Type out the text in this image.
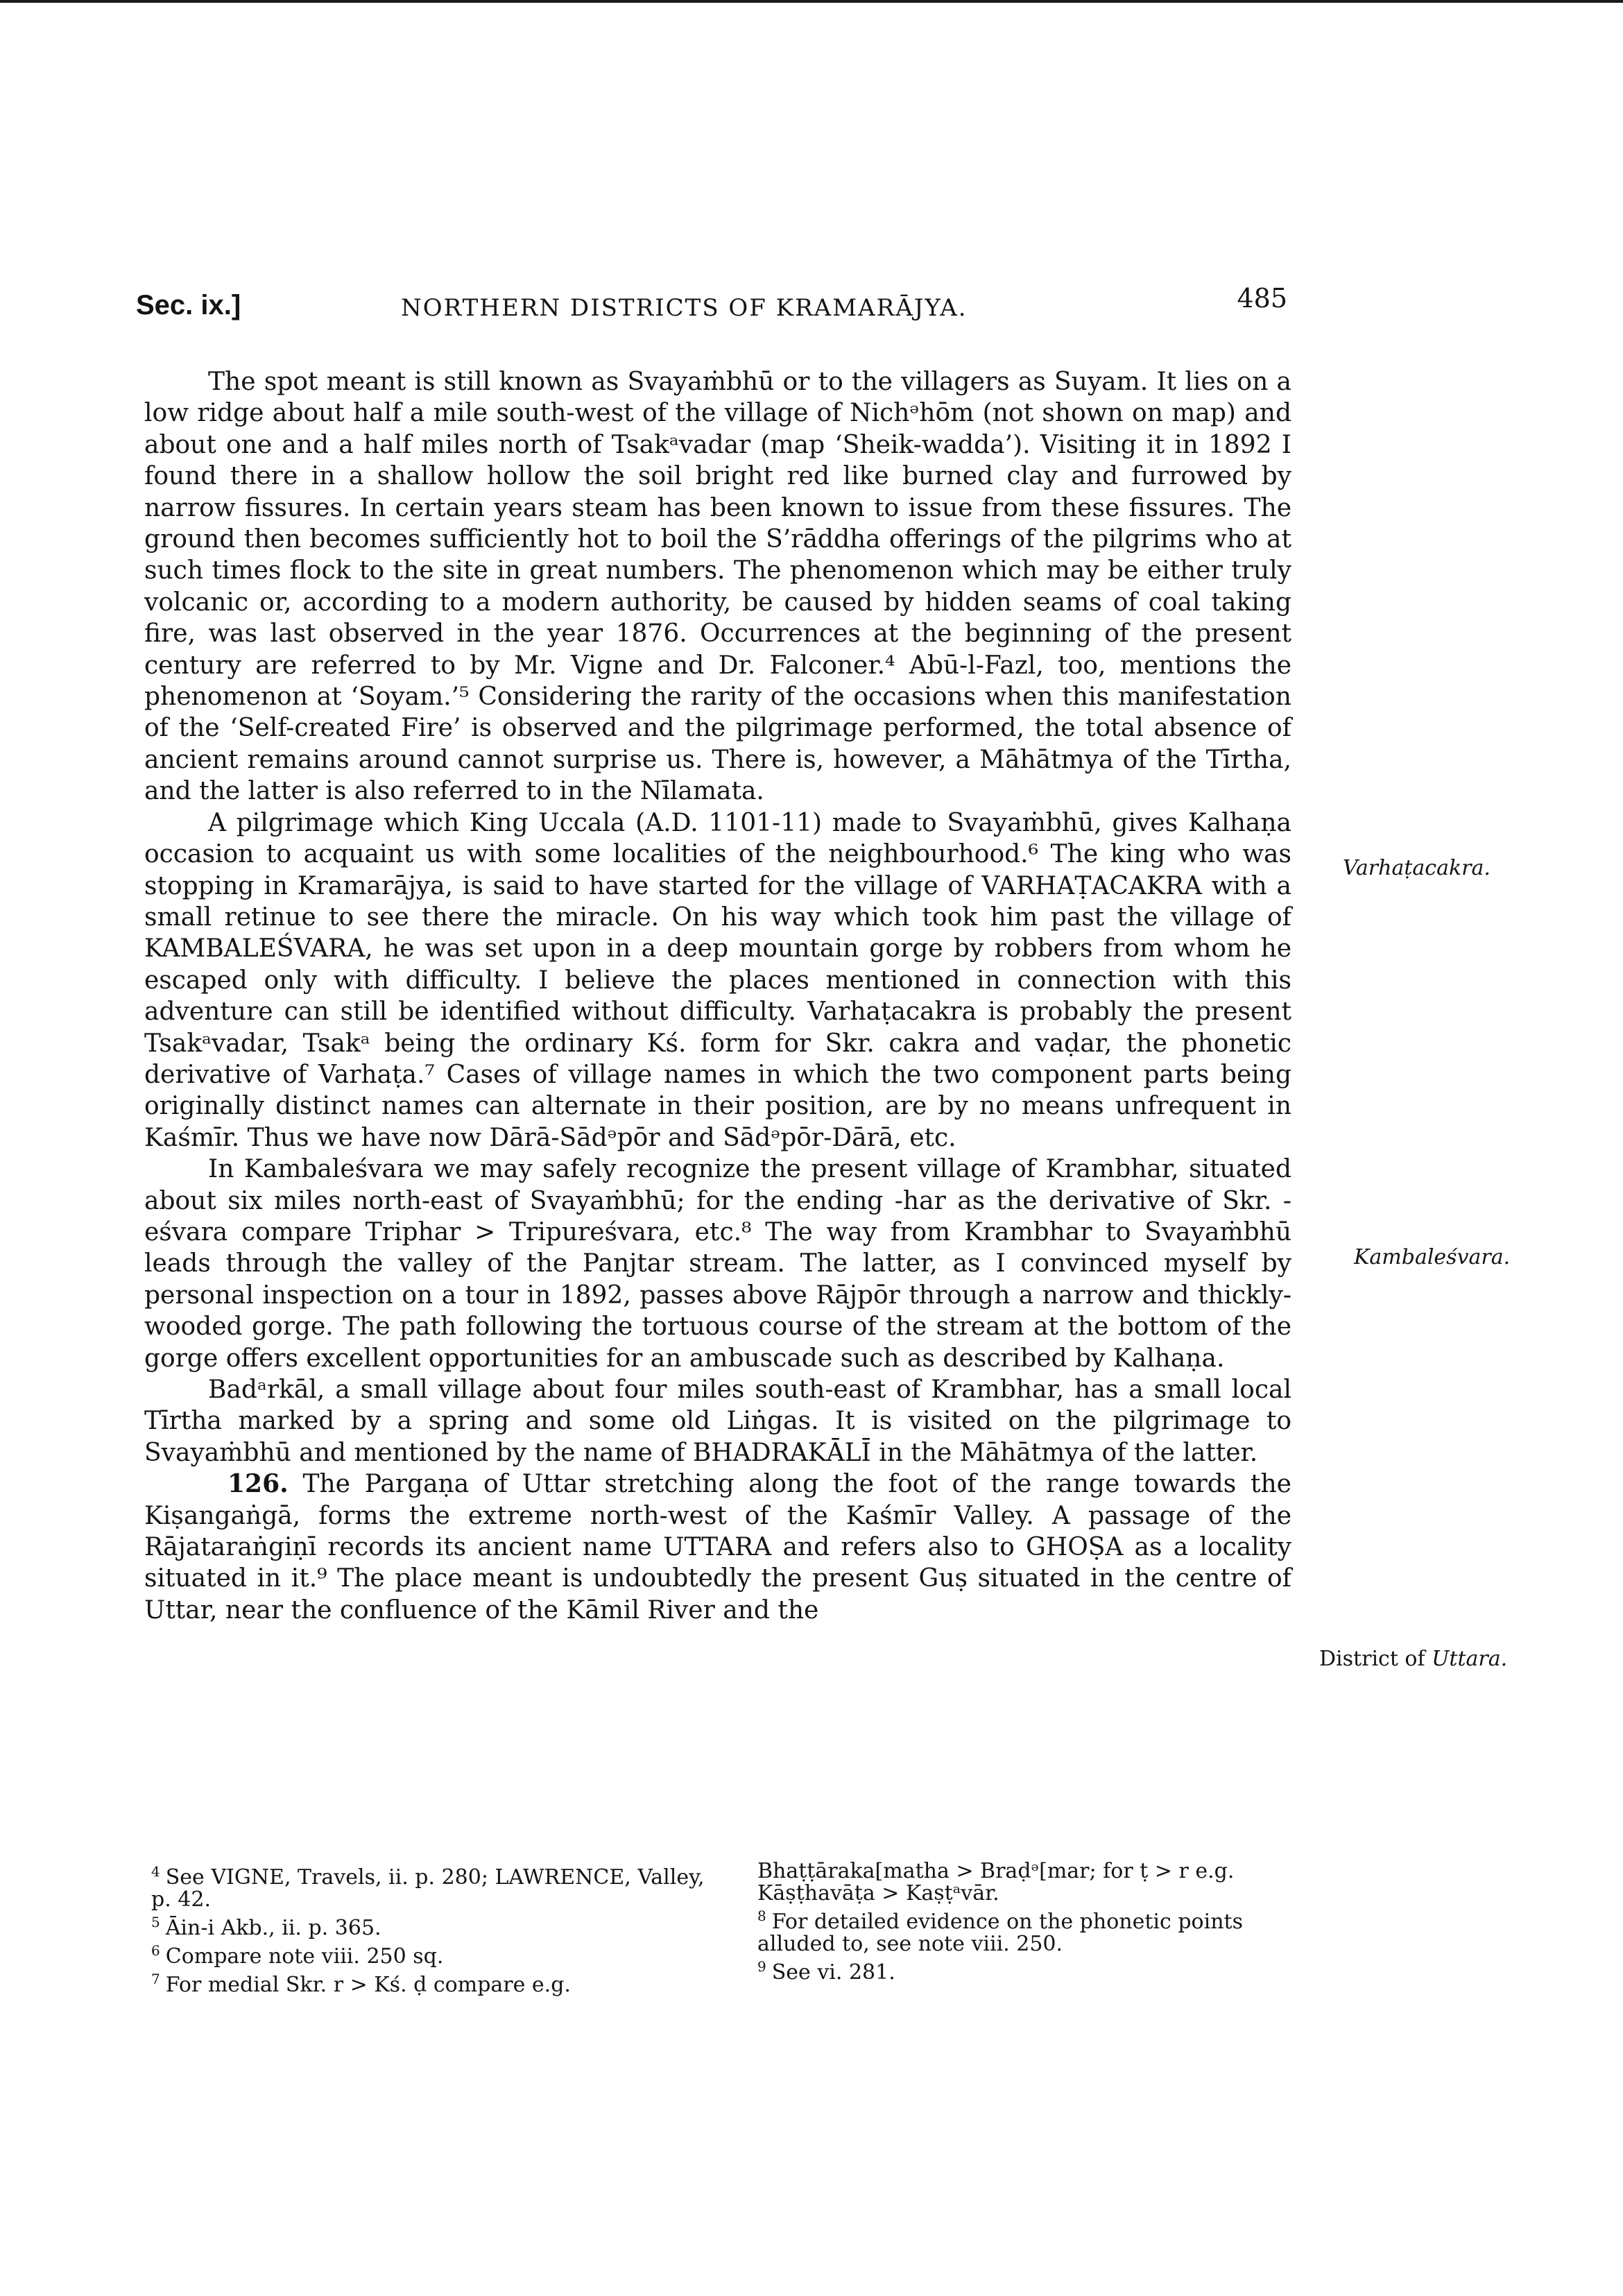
Sec. ix.]	NORTHERN DISTRICTS OF KRAMARĀJYA.	485

The spot meant is still known as Svayaṁbhū or to the villagers as Suyam. It lies on a low ridge about half a mile south-west of the village of Nichᵊhōm (not shown on map) and about one and a half miles north of Tsakᵃvadar (map ‘Sheik-wadda’). Visiting it in 1892 I found there in a shallow hollow the soil bright red like burned clay and furrowed by narrow fissures. In certain years steam has been known to issue from these fissures. The ground then becomes sufficiently hot to boil the S’rāddha offerings of the pilgrims who at such times flock to the site in great numbers. The phenomenon which may be either truly volcanic or, according to a modern authority, be caused by hidden seams of coal taking fire, was last observed in the year 1876. Occurrences at the beginning of the present century are referred to by Mr. Vigne and Dr. Falconer.⁴ Abū-l-Fazl, too, mentions the phenomenon at ‘Soyam.’⁵ Considering the rarity of the occasions when this manifestation of the ‘Self-created Fire’ is observed and the pilgrimage performed, the total absence of ancient remains around cannot surprise us. There is, however, a Māhātmya of the Tīrtha, and the latter is also referred to in the Nīlamata.

A pilgrimage which King Uccala (A.D. 1101-11) made to Svayaṁbhū, gives Kalhaṇa occasion to acquaint us with some localities of the neighbourhood.⁶ The king who was stopping in Kramarājya, is said to have started for the village of VARHAṬACAKRA with a small retinue to see there the miracle. On his way which took him past the village of KAMBALEŚVARA, he was set upon in a deep mountain gorge by robbers from whom he escaped only with difficulty. I believe the places mentioned in connection with this adventure can still be identified without difficulty. Varhaṭacakra is probably the present Tsakᵃvadar, Tsakᵃ being the ordinary Kś. form for Skr. cakra and vaḍar, the phonetic derivative of Varhaṭa.⁷ Cases of village names in which the two component parts being originally distinct names can alternate in their position, are by no means unfrequent in Kaśmīr. Thus we have now Dārā-Sādᵊpōr and Sādᵊpōr-Dārā, etc.

In Kambaleśvara we may safely recognize the present village of Krambhar, situated about six miles north-east of Svayaṁbhū; for the ending -har as the derivative of Skr. -eśvara compare Triphar > Tripureśvara, etc.⁸ The way from Krambhar to Svayaṁbhū leads through the valley of the Panjtar stream. The latter, as I convinced myself by personal inspection on a tour in 1892, passes above Rājpōr through a narrow and thickly-wooded gorge. The path following the tortuous course of the stream at the bottom of the gorge offers excellent opportunities for an ambuscade such as described by Kalhaṇa.

Badᵃrkāl, a small village about four miles south-east of Krambhar, has a small local Tīrtha marked by a spring and some old Liṅgas. It is visited on the pilgrimage to Svayaṁbhū and mentioned by the name of BHADRAKĀLĪ in the Māhātmya of the latter.

126. The Pargaṇa of Uttar stretching along the foot of the range towards the Kiṣangaṅgā, forms the extreme north-west of the Kaśmīr Valley. A passage of the Rājataraṅgiṇī records its ancient name UTTARA and refers also to GHOṢA as a locality situated in it.⁹ The place meant is undoubtedly the present Guṣ situated in the centre of Uttar, near the confluence of the Kāmil River and the

Varhaṭacakra.
Kambaleśvara.
District of Uttara.

$^4$ See VIGNE, Travels, ii. p. 280; LAWRENCE, Valley, p. 42.

$^5$ Āin-i Akb., ii. p. 365.

$^6$ Compare note viii. 250 sq.

$^7$ For medial Skr. r > Kś. ḍ compare e.g.

Bhaṭṭāraka[matha > Braḍᵊ[mar; for ṭ > r e.g. Kāṣṭhavāṭa > Kaṣṭᵃvār.

$^8$ For detailed evidence on the phonetic points alluded to, see note viii. 250.

$^9$ See vi. 281.
